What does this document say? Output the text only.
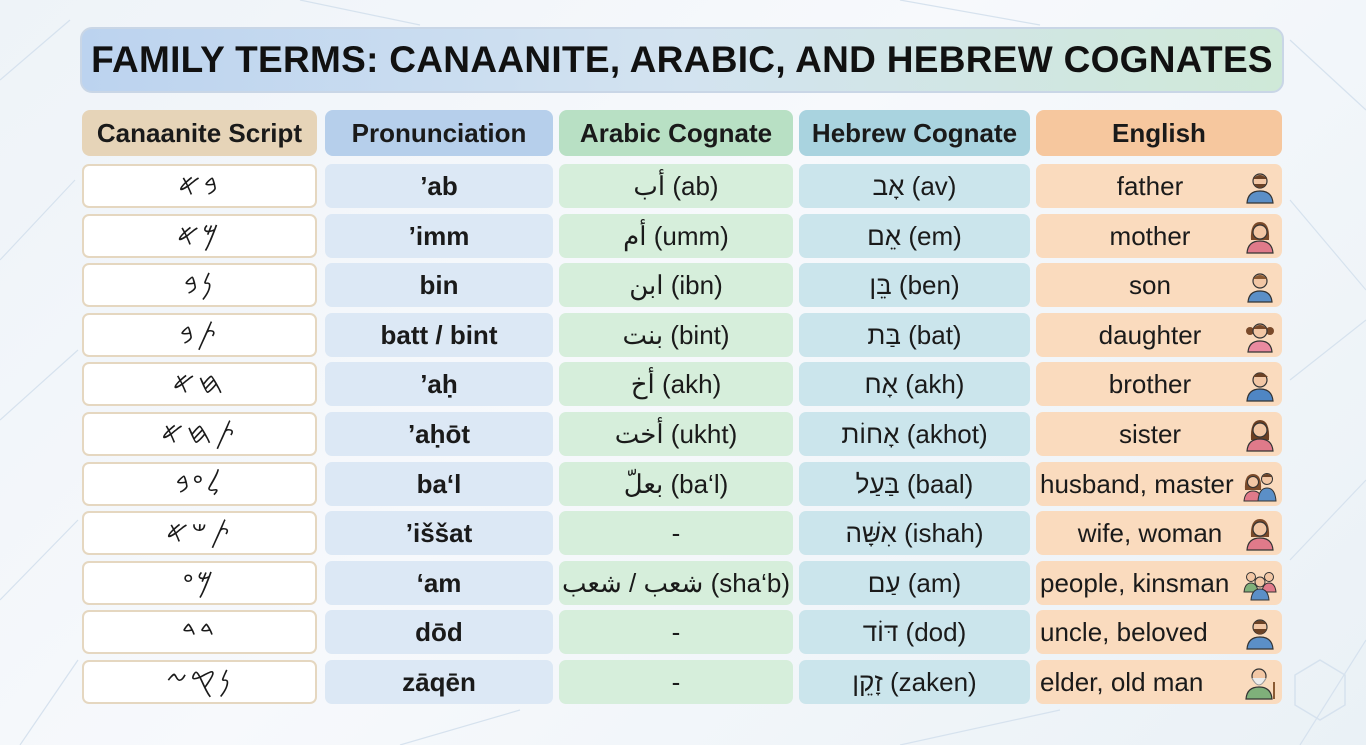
FAMILY TERMS: CANAANITE, ARABIC, AND HEBREW COGNATES
Canaanite Script	Pronunciation	Arabic Cognate	Hebrew Cognate	English
𐤁𐤀	’ab	أب (ab)	אָב (av)	father
𐤌𐤀	’imm	أم (umm)	אֵם (em)	mother
𐤍𐤁	bin	ابن (ibn)	בֵּן (ben)	son
𐤕𐤁	batt / bint	بنت (bint)	בַּת (bat)	daughter
𐤇𐤀	’aḥ	أخ (akh)	אָח (akh)	brother
𐤕𐤇𐤀	’aḥōt	أخت (ukht)	אָחוֹת (akhot)	sister
𐤋𐤏𐤁	ba‘l	بعلّ (ba‘l)	בַּעַל (baal)	husband, master
𐤕𐤔𐤀	’iššat	-	אִשָּׁה (ishah)	wife, woman
𐤌𐤏	‘am	شعب / شعب (sha‘b)	עַם (am)	people, kinsman
𐤃𐤃	dōd	-	דּוֹד (dod)	uncle, beloved
𐤍𐤒𐤆	zāqēn	-	זָקֵן (zaken)	elder, old man
